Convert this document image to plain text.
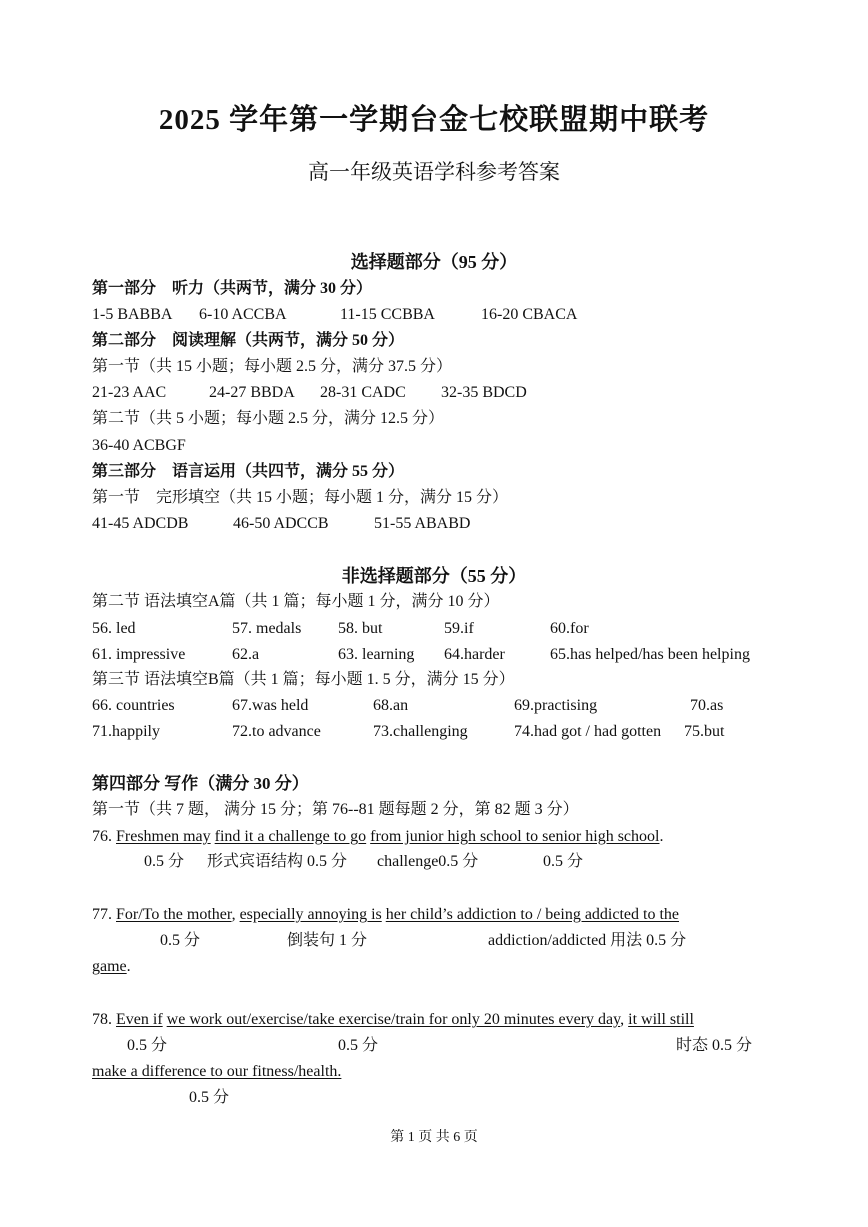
2025 学年第一学期台金七校联盟期中联考
高一年级英语学科参考答案
选择题部分（95 分）
第一部分　听力（共两节，满分 30 分）
1-5 BABBA 6-10 ACCBA	11-15 CCBBA	16-20 CBACA
第二部分　阅读理解（共两节，满分 50 分）
第一节（共 15 小题；每小题 2.5 分，满分 37.5 分）
21-23 AAC	24-27 BBDA 28-31 CADC 32-35 BDCD
第二节（共 5 小题；每小题 2.5 分，满分 12.5 分）
36-40 ACBGF
第三部分　语言运用（共四节，满分 55 分）
第一节　完形填空（共 15 小题；每小题 1 分，满分 15 分）
41-45 ADCDB	46-50 ADCCB	51-55 ABABD
非选择题部分（55 分）
第二节 语法填空A篇（共 1 篇；每小题 1 分，满分 10 分）
56. led	57. medals 58. but	59.if	60.for
61. impressive	62.a	63. learning 64.harder	65.has helped/has been helping
第三节 语法填空B篇（共 1 篇；每小题 1. 5 分，满分 15 分）
66. countries	67.was held	68.an	69.practising	70.as
71.happily	72.to advance	73.challenging	74.had got / had gotten 75.but
第四部分 写作（满分 30 分）
第一节（共 7 题， 满分 15 分；第 76--81 题每题 2 分，第 82 题 3 分）
76. Freshmen may find it a challenge to go from junior high school to senior high school.
0.5 分 形式宾语结构 0.5 分 challenge0.5 分	0.5 分
77. For/To the mother, especially annoying is her child’s addiction to / being addicted to the
0.5 分	倒装句 1 分	addiction/addicted 用法 0.5 分
game.
78. Even if we work out/exercise/take exercise/train for only 20 minutes every day, it will still
0.5 分	0.5 分	时态 0.5 分
make a difference to our fitness/health.
0.5 分
第 1 页 共 6 页
